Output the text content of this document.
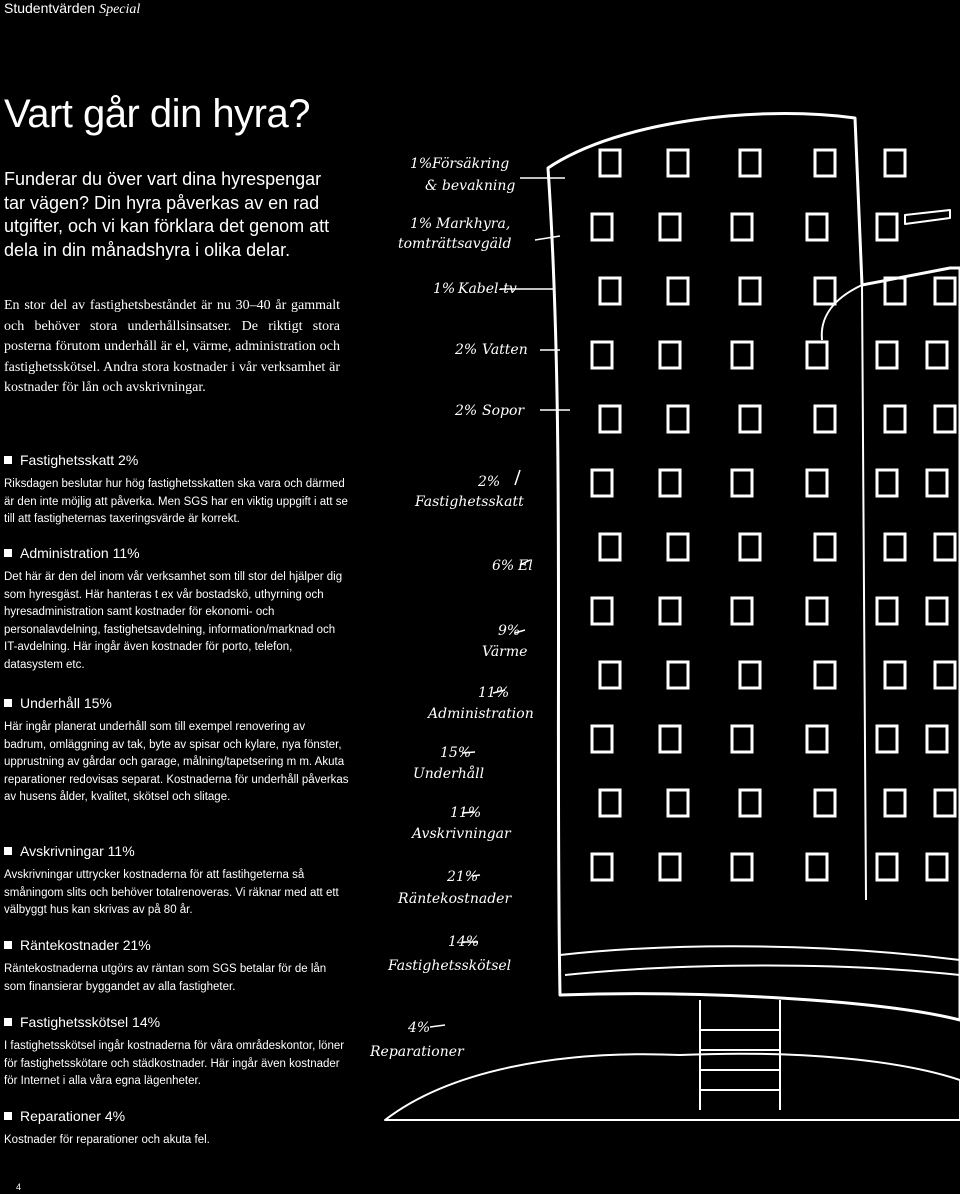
Studentvärden Special
Vart går din hyra?

Funderar du över vart dina hyrespengar tar vägen? Din hyra påverkas av en rad utgifter, och vi kan förklara det genom att dela in din månadshyra i olika delar.

En stor del av fastighetsbeståndet är nu 30–40 år gammalt och behöver stora underhållsinsatser. De riktigt stora posterna förutom underhåll är el, värme, administration och fastighetsskötsel. Andra stora kostnader i vår verksamhet är kostnader för lån och avskrivningar.

Fastighetsskatt 2%

Riksdagen beslutar hur hög fastighetsskatten ska vara och därmed är den inte möjlig att påverka. Men SGS har en viktig uppgift i att se till att fastigheternas taxeringsvärde är korrekt.

Administration 11%

Det här är den del inom vår verksamhet som till stor del hjälper dig som hyresgäst. Här hanteras t ex vår bostadskö, uthyrning och hyresadministration samt kostnader för ekonomi- och personalavdelning, fastighetsavdelning, information/marknad och IT-avdelning. Här ingår även kostnader för porto, telefon, datasystem etc.

Underhåll 15%

Här ingår planerat underhåll som till exempel renovering av badrum, omläggning av tak, byte av spisar och kylare, nya fönster, upprustning av gårdar och garage, målning/tapetsering m m. Akuta reparationer redovisas separat. Kostnaderna för underhåll påverkas av husens ålder, kvalitet, skötsel och slitage.

Avskrivningar 11%

Avskrivningar uttrycker kostnaderna för att fastihgeterna så småningom slits och behöver totalrenoveras. Vi räknar med att ett välbyggt hus kan skrivas av på 80 år.

Räntekostnader 21%

Räntekostnaderna utgörs av räntan som SGS betalar för de lån som finansierar byggandet av alla fastigheter.

Fastighetsskötsel 14%

I fastighetsskötsel ingår kostnaderna för våra områdeskontor, löner för fastighetsskötare och städkostnader. Här ingår även kostnader för Internet i alla våra egna lägenheter.

Reparationer 4%

Kostnader för reparationer och akuta fel.

1% Försäkring
& bevakning
1% Markhyra,
tomträttsavgäld
1% Kabel-tv
2% Vatten
2% Sopor
2%
Fastighetsskatt
6% El
9%
Värme
11%
Administration
15%
Underhåll
11%
Avskrivningar
21%
Räntekostnader
14%
Fastighetsskötsel
4%
Reparationer
4
